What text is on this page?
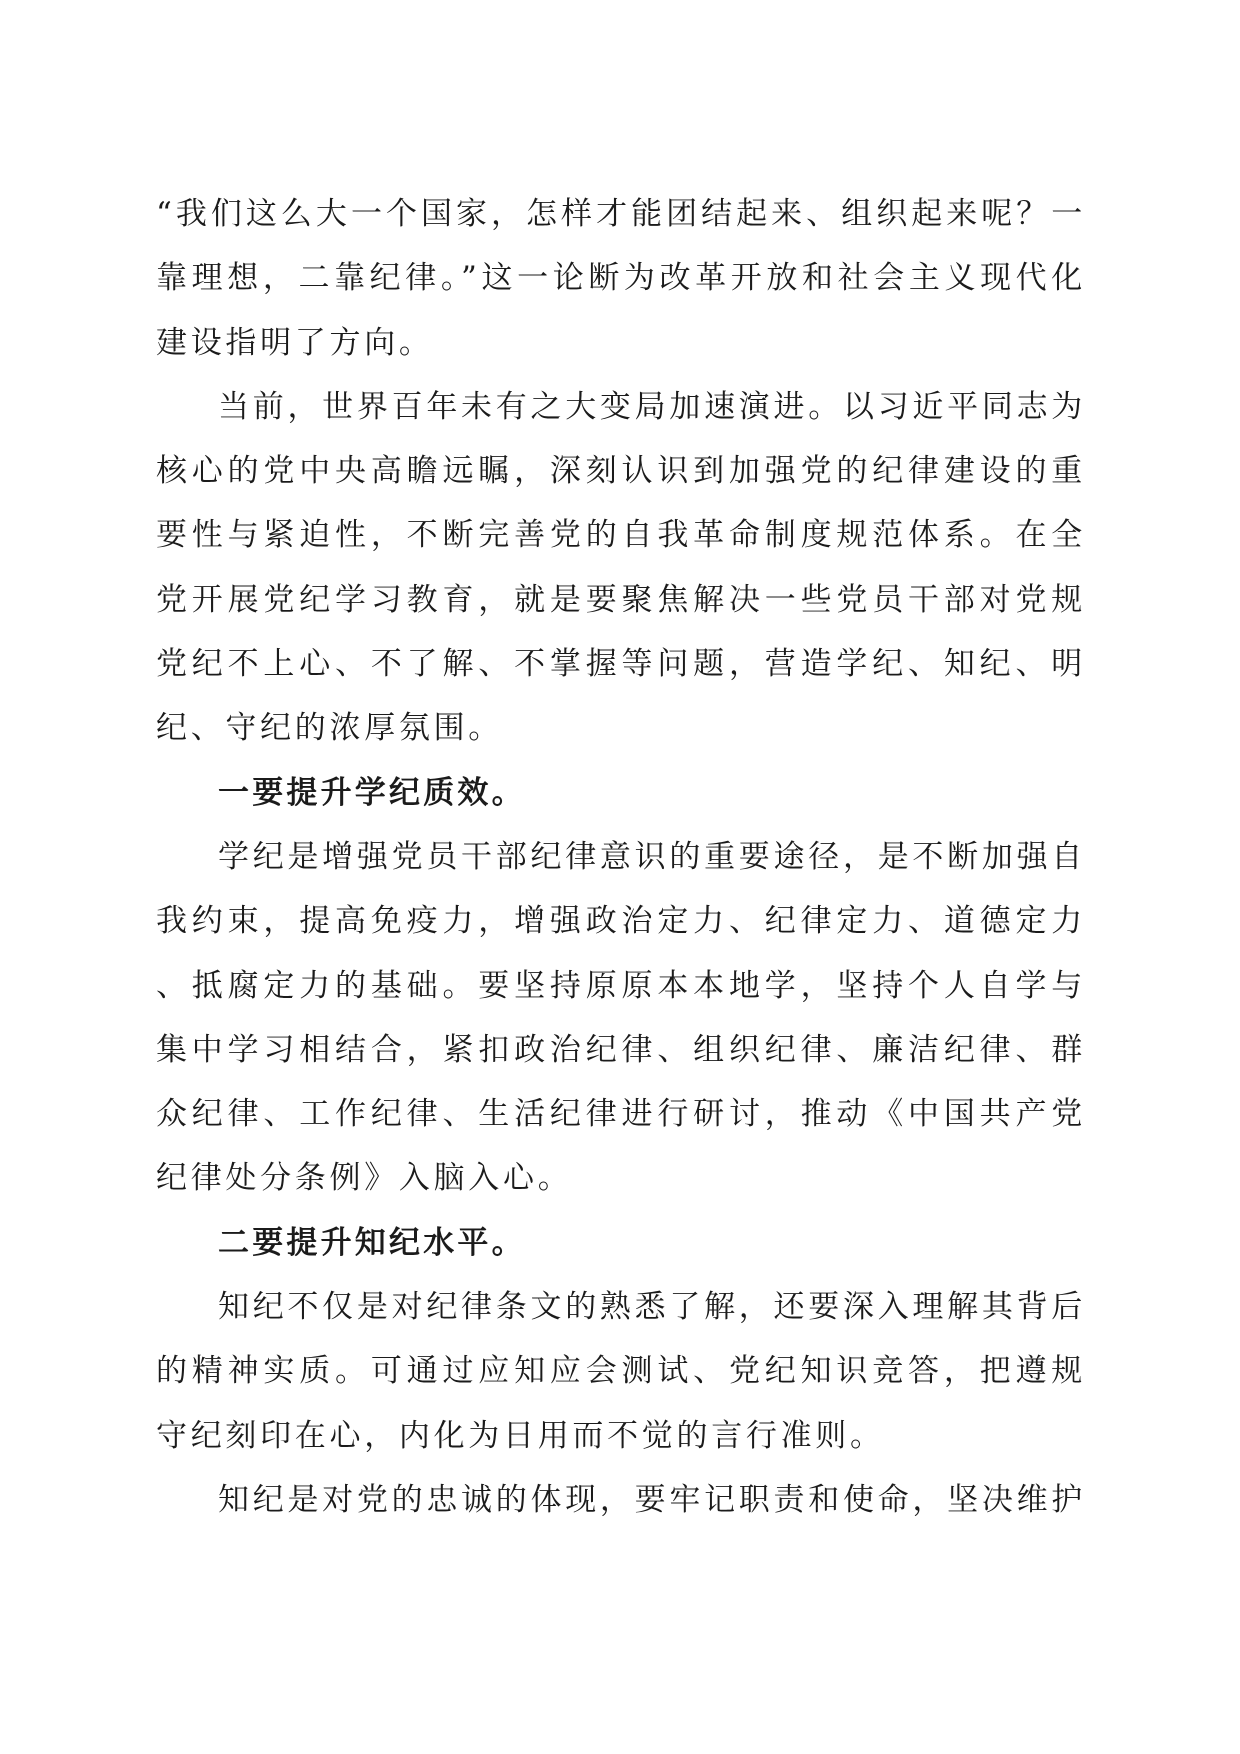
“我们这么大一个国家，怎样才能团结起来、组织起来呢？一靠理想，二靠纪律。”这一论断为改革开放和社会主义现代化建设指明了方向。

当前，世界百年未有之大变局加速演进。以习近平同志为核心的党中央高瞻远瞩，深刻认识到加强党的纪律建设的重要性与紧迫性，不断完善党的自我革命制度规范体系。在全党开展党纪学习教育，就是要聚焦解决一些党员干部对党规党纪不上心、不了解、不掌握等问题，营造学纪、知纪、明纪、守纪的浓厚氛围。

一要提升学纪质效。

学纪是增强党员干部纪律意识的重要途径，是不断加强自我约束，提高免疫力，增强政治定力、纪律定力、道德定力、抵腐定力的基础。要坚持原原本本地学，坚持个人自学与集中学习相结合，紧扣政治纪律、组织纪律、廉洁纪律、群众纪律、工作纪律、生活纪律进行研讨，推动《中国共产党纪律处分条例》入脑入心。

二要提升知纪水平。

知纪不仅是对纪律条文的熟悉了解，还要深入理解其背后的精神实质。可通过应知应会测试、党纪知识竞答，把遵规守纪刻印在心，内化为日用而不觉的言行准则。

知纪是对党的忠诚的体现，要牢记职责和使命，坚决维护
